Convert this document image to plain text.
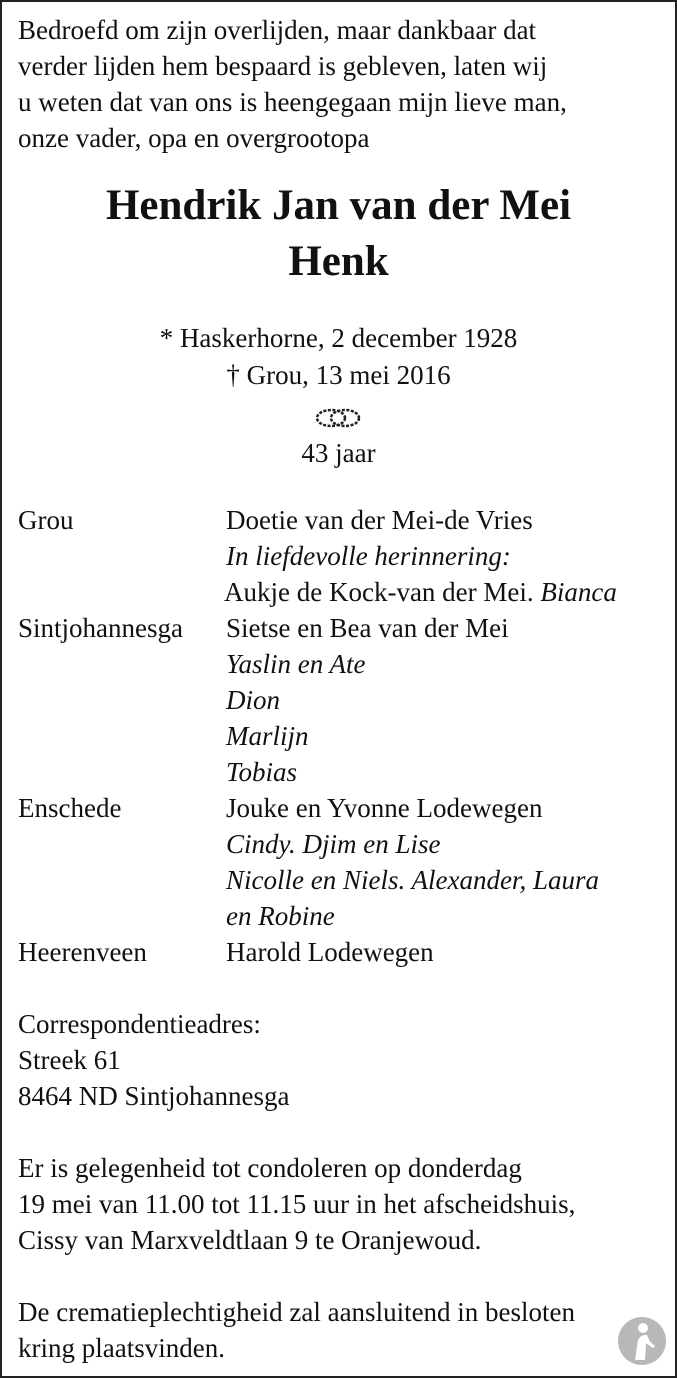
Bedroefd om zijn overlijden, maar dankbaar dat
verder lijden hem bespaard is gebleven, laten wij
u weten dat van ons is heengegaan mijn lieve man,
onze vader, opa en overgrootopa
Hendrik Jan van der Mei
Henk
* Haskerhorne, 2 december 1928
† Grou, 13 mei 2016
43 jaar
Grou	Doetie van der Mei-de Vries
In liefdevolle herinnering:
Aukje de Kock-van der Mei. Bianca
Sintjohannesga Sietse en Bea van der Mei
Yaslin en Ate
Dion
Marlijn
Tobias
Enschede	Jouke en Yvonne Lodewegen
Cindy. Djim en Lise
Nicolle en Niels. Alexander, Laura
en Robine
Heerenveen	Harold Lodewegen
Correspondentieadres:
Streek 61
8464 ND Sintjohannesga
Er is gelegenheid tot condoleren op donderdag
19 mei van 11.00 tot 11.15 uur in het afscheidshuis,
Cissy van Marxveldtlaan 9 te Oranjewoud.
De crematieplechtigheid zal aansluitend in besloten
kring plaatsvinden.
